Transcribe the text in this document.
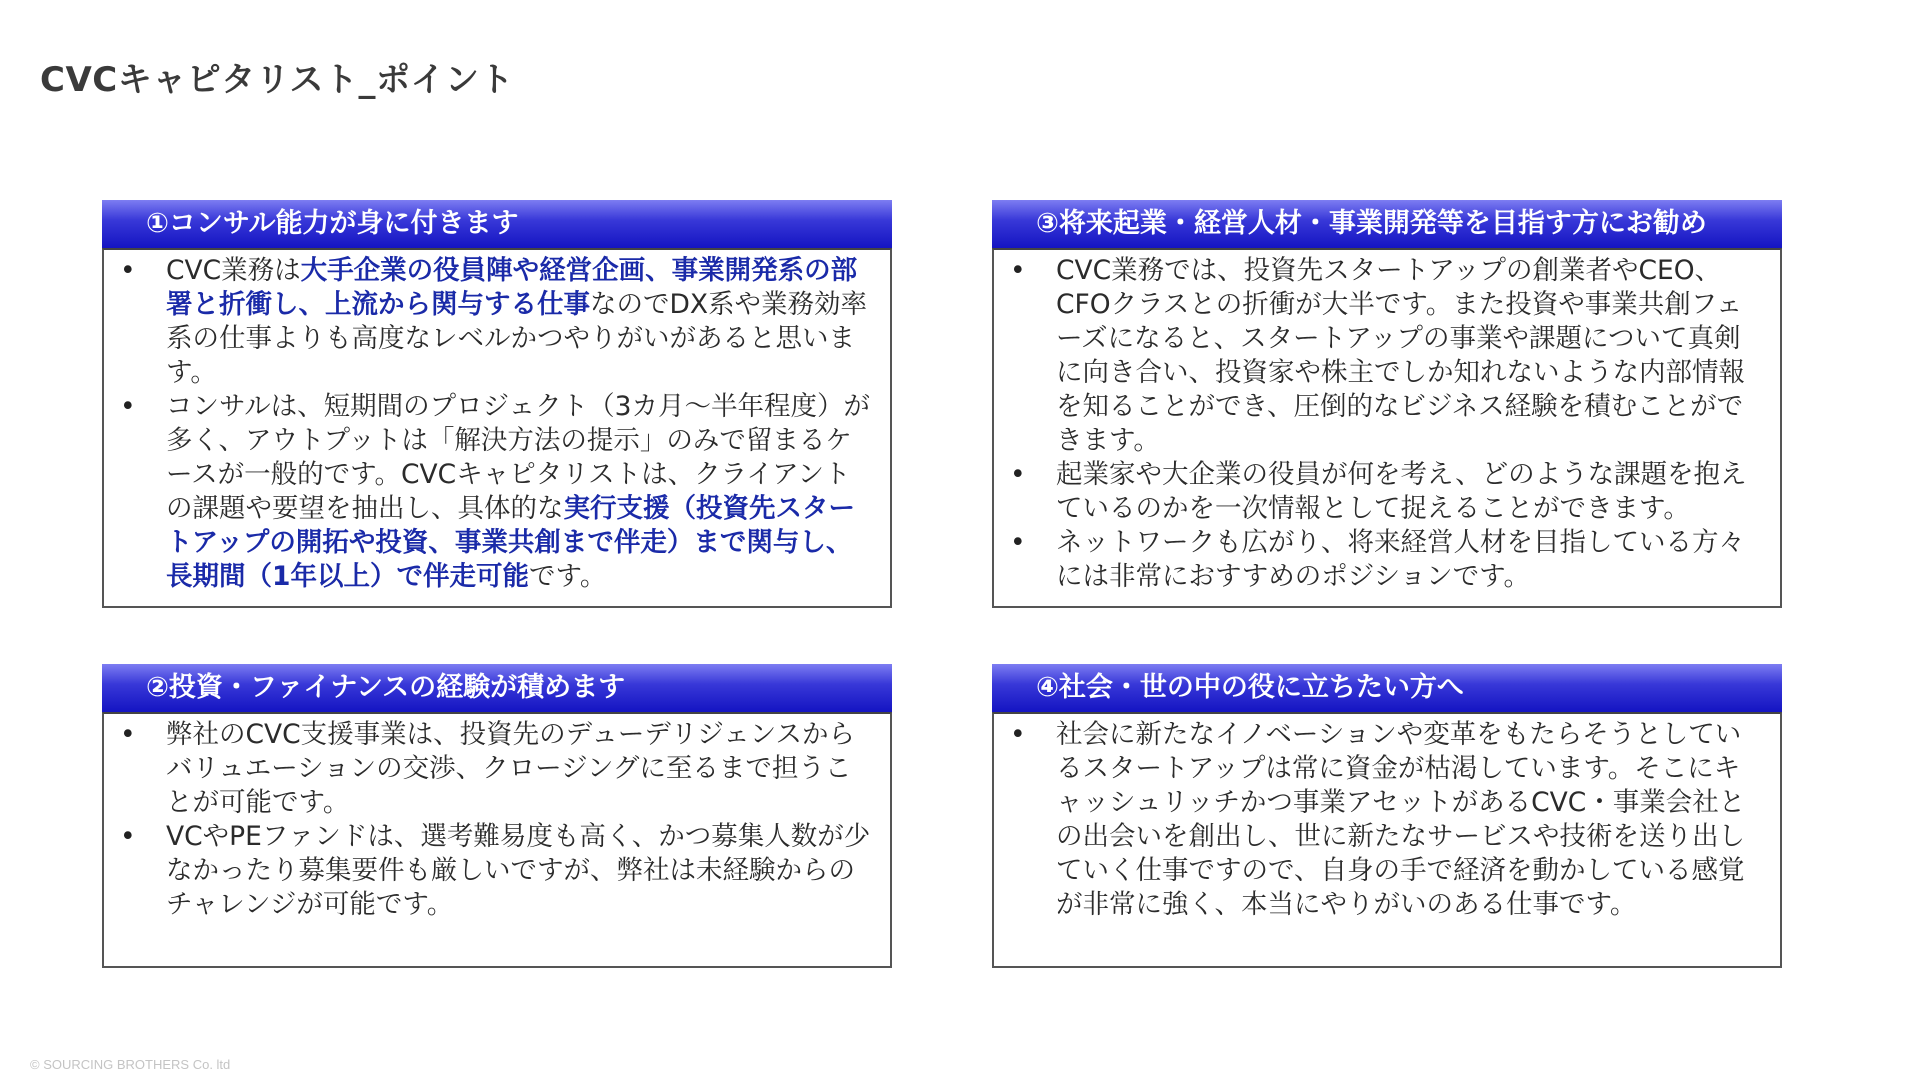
CVCキャピタリスト_ポイント
①コンサル能力が身に付きます
• CVC業務は大手企業の役員陣や経営企画、事業開発系の部署と折衝し、上流から関与する仕事なのでDX系や業務効率系の仕事よりも高度なレベルかつやりがいがあると思います。
• コンサルは、短期間のプロジェクト（3カ月～半年程度）が多く、アウトプットは「解決方法の提示」のみで留まるケースが一般的です。CVCキャピタリストは、クライアントの課題や要望を抽出し、具体的な実行支援（投資先スタートアップの開拓や投資、事業共創まで伴走）まで関与し、長期間（1年以上）で伴走可能です。
②投資・ファイナンスの経験が積めます
• 弊社のCVC支援事業は、投資先のデューデリジェンスからバリュエーションの交渉、クロージングに至るまで担うことが可能です。
• VCやPEファンドは、選考難易度も高く、かつ募集人数が少なかったり募集要件も厳しいですが、弊社は未経験からのチャレンジが可能です。
③将来起業・経営人材・事業開発等を目指す方にお勧め
• CVC業務では、投資先スタートアップの創業者やCEO、CFOクラスとの折衝が大半です。また投資や事業共創フェーズになると、スタートアップの事業や課題について真剣に向き合い、投資家や株主でしか知れないような内部情報を知ることができ、圧倒的なビジネス経験を積むことができます。
• 起業家や大企業の役員が何を考え、どのような課題を抱えているのかを一次情報として捉えることができます。
• ネットワークも広がり、将来経営人材を目指している方々には非常におすすめのポジションです。
④社会・世の中の役に立ちたい方へ
• 社会に新たなイノベーションや変革をもたらそうとしているスタートアップは常に資金が枯渇しています。そこにキャッシュリッチかつ事業アセットがあるCVC・事業会社との出会いを創出し、世に新たなサービスや技術を送り出していく仕事ですので、自身の手で経済を動かしている感覚が非常に強く、本当にやりがいのある仕事です。
© SOURCING BROTHERS Co. ltd
